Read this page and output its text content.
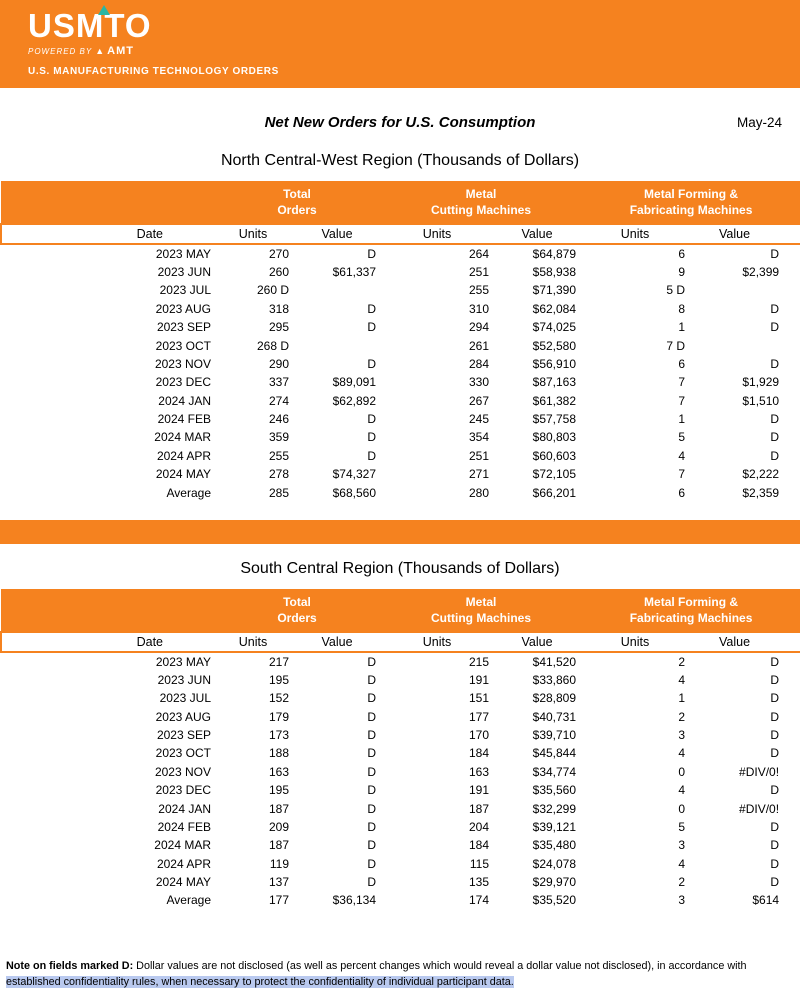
USMTO
POWERED BY ▲ AMT
U.S. MANUFACTURING TECHNOLOGY ORDERS
Net New Orders for U.S. Consumption	May-24
North Central-West Region (Thousands of Dollars)

Total
Orders

Metal
Cutting Machines

Metal Forming &
Fabricating Machines

Date	Units	Value	Units	Value	Units	Value
2023 MAY	270	D	264	$64,879	6	D
2023 JUN	260	$61,337	251	$58,938	9	$2,399
2023 JUL	260 D		255	$71,390	5 D	
2023 AUG	318	D	310	$62,084	8	D
2023 SEP	295	D	294	$74,025	1	D
2023 OCT	268 D		261	$52,580	7 D	
2023 NOV	290	D	284	$56,910	6	D
2023 DEC	337	$89,091	330	$87,163	7	$1,929
2024 JAN	274	$62,892	267	$61,382	7	$1,510
2024 FEB	246	D	245	$57,758	1	D
2024 MAR	359	D	354	$80,803	5	D
2024 APR	255	D	251	$60,603	4	D
2024 MAY	278	$74,327	271	$72,105	7	$2,222
Average	285	$68,560	280	$66,201	6	$2,359
South Central Region (Thousands of Dollars)

Total
Orders

Metal
Cutting Machines

Metal Forming &
Fabricating Machines

Date	Units	Value	Units	Value	Units	Value
2023 MAY	217	D	215	$41,520	2	D
2023 JUN	195	D	191	$33,860	4	D
2023 JUL	152	D	151	$28,809	1	D
2023 AUG	179	D	177	$40,731	2	D
2023 SEP	173	D	170	$39,710	3	D
2023 OCT	188	D	184	$45,844	4	D
2023 NOV	163	D	163	$34,774	0	#DIV/0!
2023 DEC	195	D	191	$35,560	4	D
2024 JAN	187	D	187	$32,299	0	#DIV/0!
2024 FEB	209	D	204	$39,121	5	D
2024 MAR	187	D	184	$35,480	3	D
2024 APR	119	D	115	$24,078	4	D
2024 MAY	137	D	135	$29,970	2	D
Average	177	$36,134	174	$35,520	3	$614
Note on fields marked D: Dollar values are not disclosed (as well as percent changes which would reveal a dollar value not disclosed), in accordance with
established confidentiality rules, when necessary to protect the confidentiality of individual participant data.
